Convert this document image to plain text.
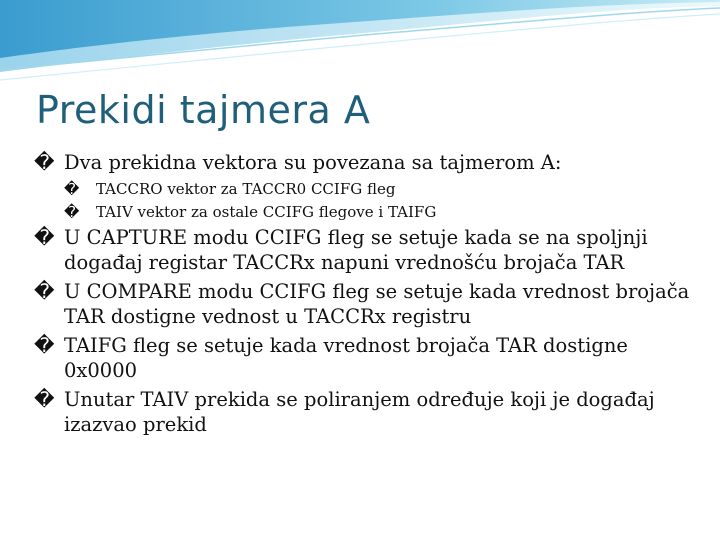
Prekidi tajmera A
� Dva prekidna vektora su povezana sa tajmerom A:
� TACCRO vektor za TACCR0 CCIFG fleg
� TAIV vektor za ostale CCIFG flegove i TAIFG
� U CAPTURE modu CCIFG fleg se setuje kada se na spoljnji događaj registar TACCRx napuni vrednošću brojača TAR
� U COMPARE modu CCIFG fleg se setuje kada vrednost brojača TAR dostigne vednost u TACCRx registru
� TAIFG fleg se setuje kada vrednost brojača TAR dostigne 0x0000
� Unutar TAIV prekida se poliranjem određuje koji je događaj izazvao prekid
